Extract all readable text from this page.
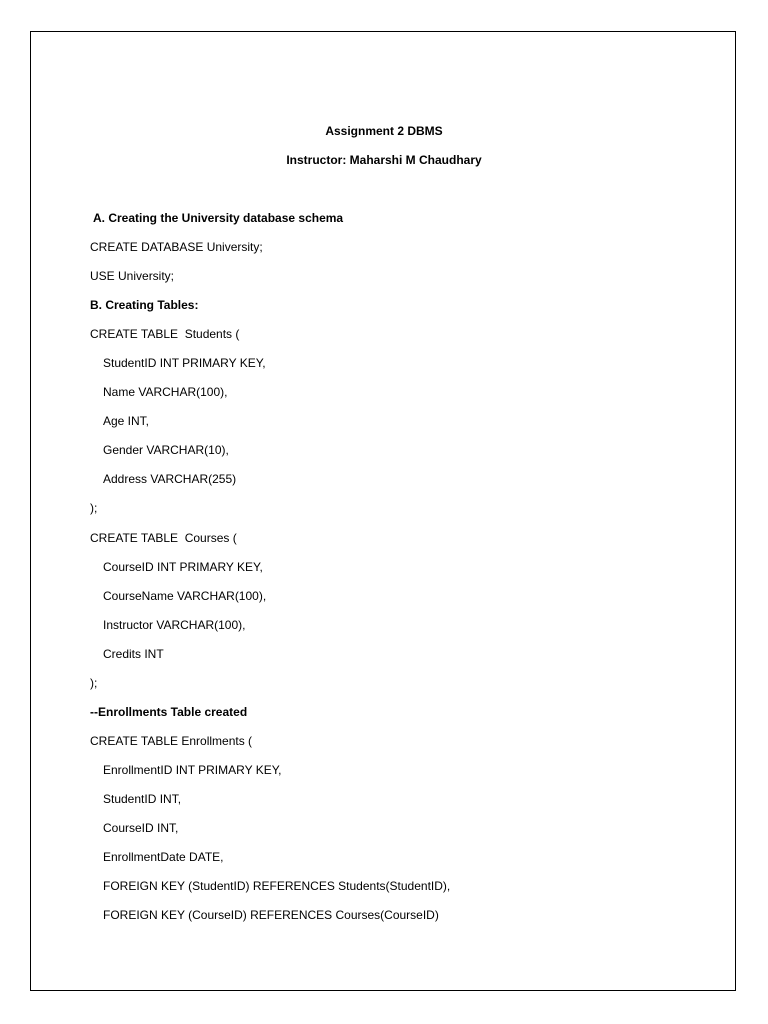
Assignment 2 DBMS
Instructor: Maharshi M Chaudhary
A. Creating the University database schema
CREATE DATABASE University;
USE University;
B. Creating Tables:
CREATE TABLE  Students (
StudentID INT PRIMARY KEY,
Name VARCHAR(100),
Age INT,
Gender VARCHAR(10),
Address VARCHAR(255)
);
CREATE TABLE  Courses (
CourseID INT PRIMARY KEY,
CourseName VARCHAR(100),
Instructor VARCHAR(100),
Credits INT
);
--Enrollments Table created
CREATE TABLE Enrollments (
EnrollmentID INT PRIMARY KEY,
StudentID INT,
CourseID INT,
EnrollmentDate DATE,
FOREIGN KEY (StudentID) REFERENCES Students(StudentID),
FOREIGN KEY (CourseID) REFERENCES Courses(CourseID)
